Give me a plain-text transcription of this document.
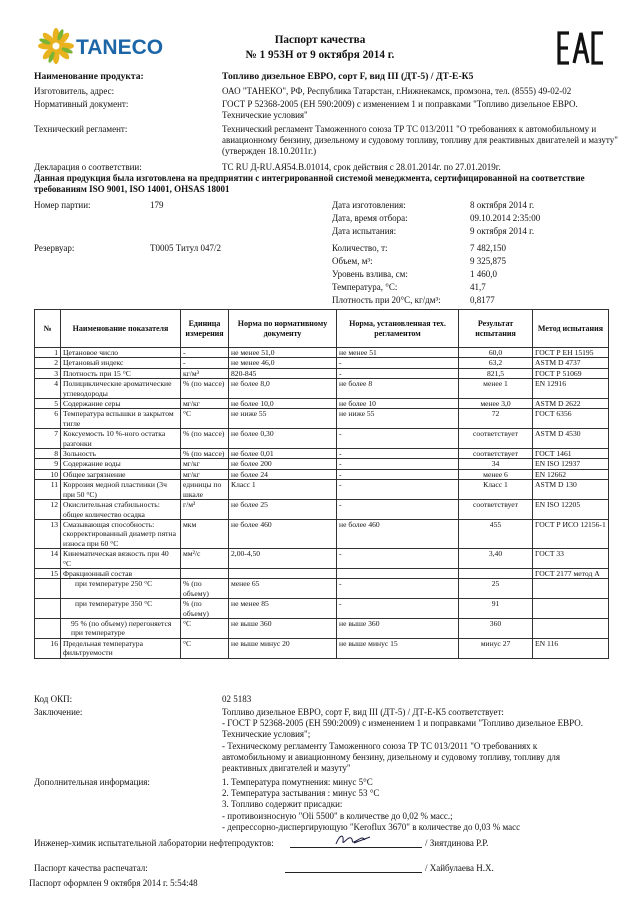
TANECO	Паспорт качества
№ 1 953Н от 9 октября 2014 г.
Наименование продукта:	Топливо дизельное ЕВРО, сорт F, вид III (ДТ-5) / ДТ-Е-К5
Изготовитель, адрес:	ОАО "ТАНЕКО", РФ, Республика Татарстан, г.Нижнекамск, промзона, тел. (8555) 49-02-02
Нормативный документ:	ГОСТ Р 52368-2005 (ЕН 590:2009) с изменением 1 и поправками "Топливо дизельное ЕВРО. Технические условия"
Технический регламент:	Технический регламент Таможенного союза ТР ТС 013/2011 "О требованиях к автомобильному и авиационному бензину, дизельному и судовому топливу, топливу для реактивных двигателей и мазуту" (утвержден 18.10.2011г.)
Декларация о соответствии:	ТС RU Д-RU.АЯ54.В.01014, срок действия с 28.01.2014г. по 27.01.2019г.
Данная продукция была изготовлена на предприятии с интегрированной системой менеджмента, сертифицированной на соответствие требованиям ISO 9001, ISO 14001, OHSAS 18001
Номер партии:	179	Дата изготовления:	8 октября 2014 г.
Дата, время отбора:	09.10.2014 2:35:00
Дата испытания:	9 октября 2014 г.
Резервуар:	Т0005 Титул 047/2	Количество, т:	7 482,150
Объем, м³:	9 325,875
Уровень взлива, см:	1 460,0
Температура, °С:	41,7
Плотность при 20°С, кг/дм³:	0,8177
№	Наименование показателя	Единица измерения	Норма по нормативному документу	Норма, установленная тех. регламентом	Результат испытания	Метод испытания
1	Цетановое число	-	не менее 51,0	не менее 51	60,0	ГОСТ Р ЕН 15195
2	Цетановый индекс	-	не менее 46,0	-	63,2	ASTM D 4737
3	Плотность при 15 °С	кг/м³	820-845	-	821,5	ГОСТ Р 51069
4	Полициклические ароматические углеводороды	% (по массе)	не более 8,0	не более 8	менее 1	EN 12916
5	Содержание серы	мг/кг	не более 10,0	не более 10	менее 3,0	ASTM D 2622
6	Температура вспышки в закрытом тигле	°С	не ниже 55	не ниже 55	72	ГОСТ 6356
7	Коксуемость 10 %-ного остатка разгонки	% (по массе)	не более 0,30	-	соответствует	ASTM D 4530
8	Зольность	% (по массе)	не более 0,01	-	соответствует	ГОСТ 1461
9	Содержание воды	мг/кг	не более 200	-	34	EN ISO 12937
10	Общее загрязнение	мг/кг	не более 24	-	менее 6	EN 12662
11	Коррозия медной пластинки (3ч при 50 °С)	единицы по шкале	Класс 1	-	Класс 1	ASTM D 130
12	Окислительная стабильность: общее количество осадка	г/м³	не более 25	-	соответствует	EN ISO 12205
13	Смазывающая способность: скорректированный диаметр пятна износа при 60 °С	мкм	не более 460	не более 460	455	ГОСТ Р ИСО 12156-1
14	Кинематическая вязкость при 40 °С	мм²/с	2,00-4,50	-	3,40	ГОСТ 33
15	Фракционный состав					ГОСТ 2177 метод А
	при температуре 250 °С	% (по объему)	менее 65	-	25	
	при температуре 350 °С	% (по объему)	не менее 85	-	91	
	95 % (по объему) перегоняется при температуре	°С	не выше 360	не выше 360	360	
16	Предельная температура фильтруемости	°С	не выше минус 20	не выше минус 15	минус 27	EN 116
Код ОКП:	02 5183
Заключение:	Топливо дизельное ЕВРО, сорт F, вид III (ДТ-5) / ДТ-Е-К5 соответствует:
- ГОСТ Р 52368-2005 (ЕН 590:2009) с изменением 1 и поправками "Топливо дизельное ЕВРО.
Технические условия";
- Техническому регламенту Таможенного союза ТР ТС 013/2011 "О требованиях к
автомобильному и авиационному бензину, дизельному и судовому топливу, топливу для
реактивных двигателей и мазуту"
Дополнительная информация:	1. Температура помутнения: минус 5°С
2. Температура застывания : минус 53 °С
3. Топливо содержит присадки:
- противоизносную "Oli 5500" в количестве до 0,02 % масс.;
- депрессорно-диспергирующую "Keroflux 3670" в количестве до 0,03 % масс
Инженер-химик испытательной лаборатории нефтепродуктов:	/ Зиятдинова Р.Р.
Паспорт качества распечатал:	/ Хайбулаева Н.Х.
Паспорт оформлен 9 октября 2014 г. 5:54:48
